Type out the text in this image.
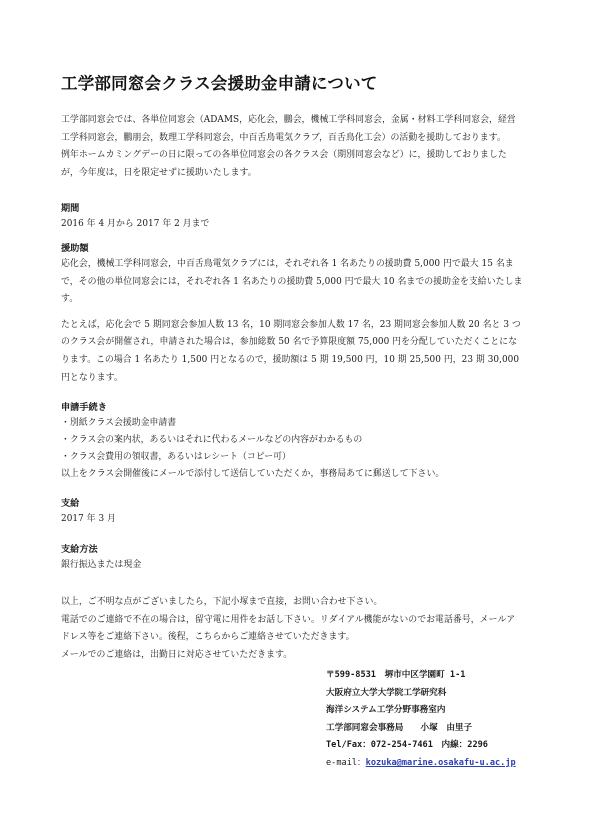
工学部同窓会クラス会援助金申請について

工学部同窓会では、各単位同窓会（ADAMS，応化会，鵬会，機械工学科同窓会，金属・材料工学科同窓会，経営工学科同窓会，鵬朋会，数理工学科同窓会，中百舌鳥電気クラブ，百舌鳥化工会）の活動を援助しております。

例年ホームカミングデーの日に限っての各単位同窓会の各クラス会（期別同窓会など）に，援助しておりましたが，今年度は，日を限定せずに援助いたします。

期間

2016 年 4 月から 2017 年 2 月まで

援助額

応化会，機械工学科同窓会，中百舌鳥電気クラブには，それぞれ各 1 名あたりの援助費 5,000 円で最大 15 名まで，その他の単位同窓会には，それぞれ各 1 名あたりの援助費 5,000 円で最大 10 名までの援助金を支給いたします。

たとえば，応化会で 5 期同窓会参加人数 13 名，10 期同窓会参加人数 17 名，23 期同窓会参加人数 20 名と 3 つのクラス会が開催され，申請された場合は，参加総数 50 名で予算限度額 75,000 円を分配していただくことになります。この場合 1 名あたり 1,500 円となるので，援助額は 5 期 19,500 円，10 期 25,500 円，23 期 30,000 円となります。

申請手続き

・別紙クラス会援助金申請書
・クラス会の案内状，あるいはそれに代わるメールなどの内容がわかるもの
・クラス会費用の領収書，あるいはレシート（コピー可）

以上をクラス会開催後にメールで添付して送信していただくか，事務局あてに郵送して下さい。

支給

2017 年 3 月

支給方法

銀行振込または現金

以上，ご不明な点がございましたら，下記小塚まで直接，お問い合わせ下さい。

電話でのご連絡で不在の場合は，留守電に用件をお話し下さい。リダイアル機能がないのでお電話番号，メールアドレス等をご連絡下さい。後程，こちらからご連絡させていただきます。

メールでのご連絡は，出勤日に対応させていただきます。

〒599-8531　堺市中区学園町 1-1
大阪府立大学大学院工学研究科
海洋システム工学分野事務室内
工学部同窓会事務局　　小塚　由里子
Tel/Fax：072-254-7461　内線：2296
e-mail：kozuka@marine.osakafu-u.ac.jp
